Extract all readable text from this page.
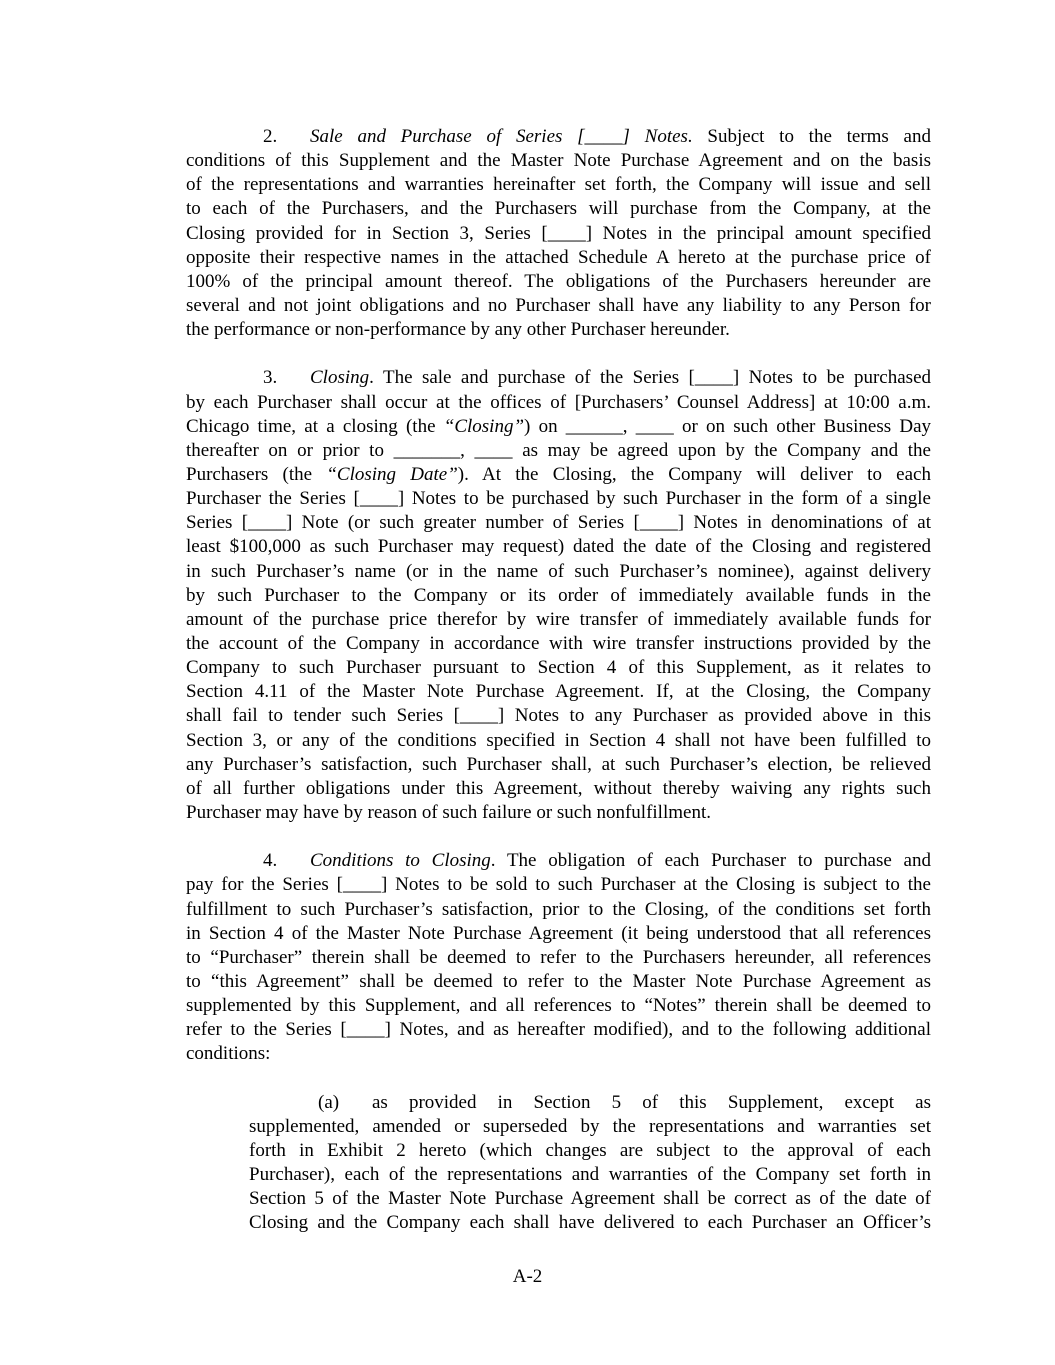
2. Sale and Purchase of Series [____] Notes. Subject to the terms and
conditions of this Supplement and the Master Note Purchase Agreement and on the basis
of the representations and warranties hereinafter set forth, the Company will issue and sell
to each of the Purchasers, and the Purchasers will purchase from the Company, at the
Closing provided for in Section 3, Series [____] Notes in the principal amount specified
opposite their respective names in the attached Schedule A hereto at the purchase price of
100% of the principal amount thereof. The obligations of the Purchasers hereunder are
several and not joint obligations and no Purchaser shall have any liability to any Person for
the performance or non-performance by any other Purchaser hereunder.
3. Closing. The sale and purchase of the Series [____] Notes to be purchased
by each Purchaser shall occur at the offices of [Purchasers’ Counsel Address] at 10:00 a.m.
Chicago time, at a closing (the “Closing”) on ______, ____ or on such other Business Day
thereafter on or prior to _______, ____ as may be agreed upon by the Company and the
Purchasers (the “Closing Date”). At the Closing, the Company will deliver to each
Purchaser the Series [____] Notes to be purchased by such Purchaser in the form of a single
Series [____] Note (or such greater number of Series [____] Notes in denominations of at
least $100,000 as such Purchaser may request) dated the date of the Closing and registered
in such Purchaser’s name (or in the name of such Purchaser’s nominee), against delivery
by such Purchaser to the Company or its order of immediately available funds in the
amount of the purchase price therefor by wire transfer of immediately available funds for
the account of the Company in accordance with wire transfer instructions provided by the
Company to such Purchaser pursuant to Section 4 of this Supplement, as it relates to
Section 4.11 of the Master Note Purchase Agreement. If, at the Closing, the Company
shall fail to tender such Series [____] Notes to any Purchaser as provided above in this
Section 3, or any of the conditions specified in Section 4 shall not have been fulfilled to
any Purchaser’s satisfaction, such Purchaser shall, at such Purchaser’s election, be relieved
of all further obligations under this Agreement, without thereby waiving any rights such
Purchaser may have by reason of such failure or such nonfulfillment.
4. Conditions to Closing. The obligation of each Purchaser to purchase and
pay for the Series [____] Notes to be sold to such Purchaser at the Closing is subject to the
fulfillment to such Purchaser’s satisfaction, prior to the Closing, of the conditions set forth
in Section 4 of the Master Note Purchase Agreement (it being understood that all references
to “Purchaser” therein shall be deemed to refer to the Purchasers hereunder, all references
to “this Agreement” shall be deemed to refer to the Master Note Purchase Agreement as
supplemented by this Supplement, and all references to “Notes” therein shall be deemed to
refer to the Series [____] Notes, and as hereafter modified), and to the following additional
conditions:
(a) as provided in Section 5 of this Supplement, except as
supplemented, amended or superseded by the representations and warranties set
forth in Exhibit 2 hereto (which changes are subject to the approval of each
Purchaser), each of the representations and warranties of the Company set forth in
Section 5 of the Master Note Purchase Agreement shall be correct as of the date of
Closing and the Company each shall have delivered to each Purchaser an Officer’s
A-2
